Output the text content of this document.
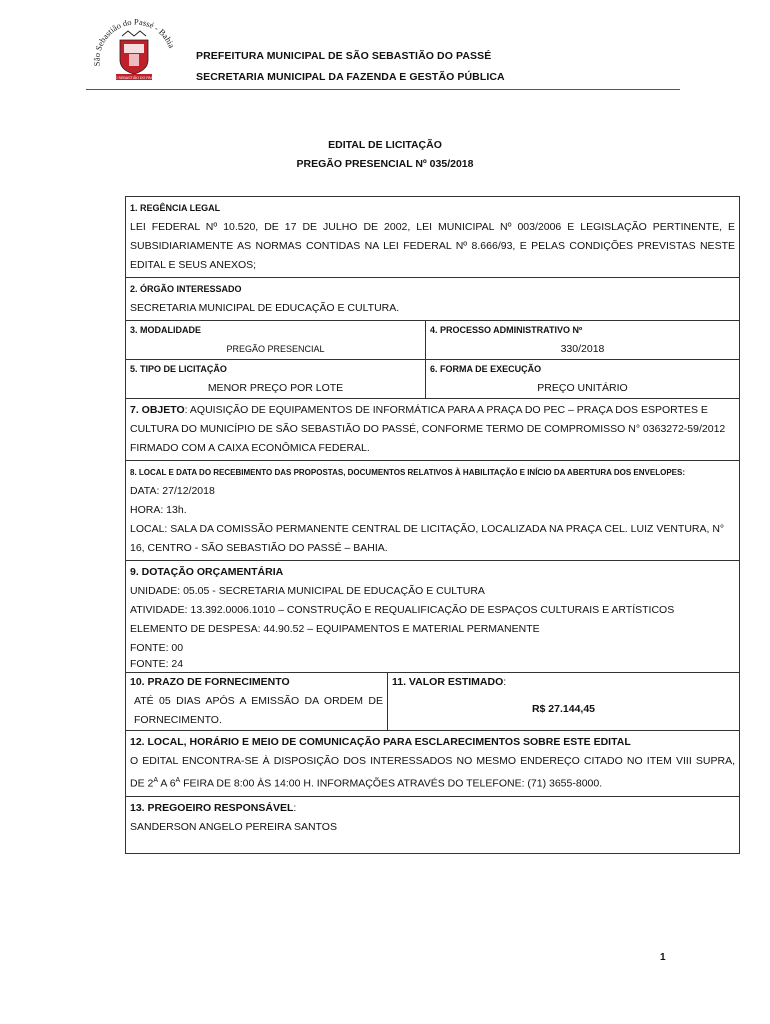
São Sebastião do Passé - Bahia
SÃO SEBASTIÃO DO PASSÉ
PREFEITURA MUNICIPAL DE SÃO SEBASTIÃO DO PASSÉ
SECRETARIA MUNICIPAL DA FAZENDA E GESTÃO PÚBLICA
EDITAL DE LICITAÇÃO
PREGÃO PRESENCIAL Nº 035/2018
1. REGÊNCIA LEGAL
LEI FEDERAL Nº 10.520, DE 17 DE JULHO DE 2002, LEI MUNICIPAL Nº 003/2006 E LEGISLAÇÃO PERTINENTE, E SUBSIDIARIAMENTE AS NORMAS CONTIDAS NA LEI FEDERAL Nº 8.666/93, E PELAS CONDIÇÕES PREVISTAS NESTE EDITAL E SEUS ANEXOS;
2. ÓRGÃO INTERESSADO
SECRETARIA MUNICIPAL DE EDUCAÇÃO E CULTURA.
3. MODALIDADE
PREGÃO PRESENCIAL
4. PROCESSO ADMINISTRATIVO Nº
330/2018
5. TIPO DE LICITAÇÃO
MENOR PREÇO POR LOTE
6. FORMA DE EXECUÇÃO
PREÇO UNITÁRIO
7. OBJETO: AQUISIÇÃO DE EQUIPAMENTOS DE INFORMÁTICA PARA A PRAÇA DO PEC – PRAÇA DOS ESPORTES E CULTURA DO MUNICÍPIO DE SÃO SEBASTIÃO DO PASSÉ, CONFORME TERMO DE COMPROMISSO N° 0363272-59/2012 FIRMADO COM A CAIXA ECONÔMICA FEDERAL.
8. LOCAL E DATA DO RECEBIMENTO DAS PROPOSTAS, DOCUMENTOS RELATIVOS À HABILITAÇÃO E INÍCIO DA ABERTURA DOS ENVELOPES:
DATA: 27/12/2018
HORA: 13h.
LOCAL: SALA DA COMISSÃO PERMANENTE CENTRAL DE LICITAÇÃO, LOCALIZADA NA PRAÇA CEL. LUIZ VENTURA, N° 16, CENTRO - SÃO SEBASTIÃO DO PASSÉ – BAHIA.
9. DOTAÇÃO ORÇAMENTÁRIA
UNIDADE: 05.05 - SECRETARIA MUNICIPAL DE EDUCAÇÃO E CULTURA
ATIVIDADE: 13.392.0006.1010 – CONSTRUÇÃO E REQUALIFICAÇÃO DE ESPAÇOS CULTURAIS E ARTÍSTICOS
ELEMENTO DE DESPESA: 44.90.52 – EQUIPAMENTOS E MATERIAL PERMANENTE
FONTE: 00
FONTE: 24
10. PRAZO DE FORNECIMENTO
ATÉ 05 DIAS APÓS A EMISSÃO DA ORDEM DE FORNECIMENTO.
11. VALOR ESTIMADO:
R$ 27.144,45
12. LOCAL, HORÁRIO E MEIO DE COMUNICAÇÃO PARA ESCLARECIMENTOS SOBRE ESTE EDITAL
O EDITAL ENCONTRA-SE À DISPOSIÇÃO DOS INTERESSADOS NO MESMO ENDEREÇO CITADO NO ITEM VIII SUPRA, DE $2^A$ A $6^A$ FEIRA DE 8:00 ÀS 14:00 H. INFORMAÇÕES ATRAVÉS DO TELEFONE: (71) 3655-8000.
13. PREGOEIRO RESPONSÁVEL:
SANDERSON ANGELO PEREIRA SANTOS
1
